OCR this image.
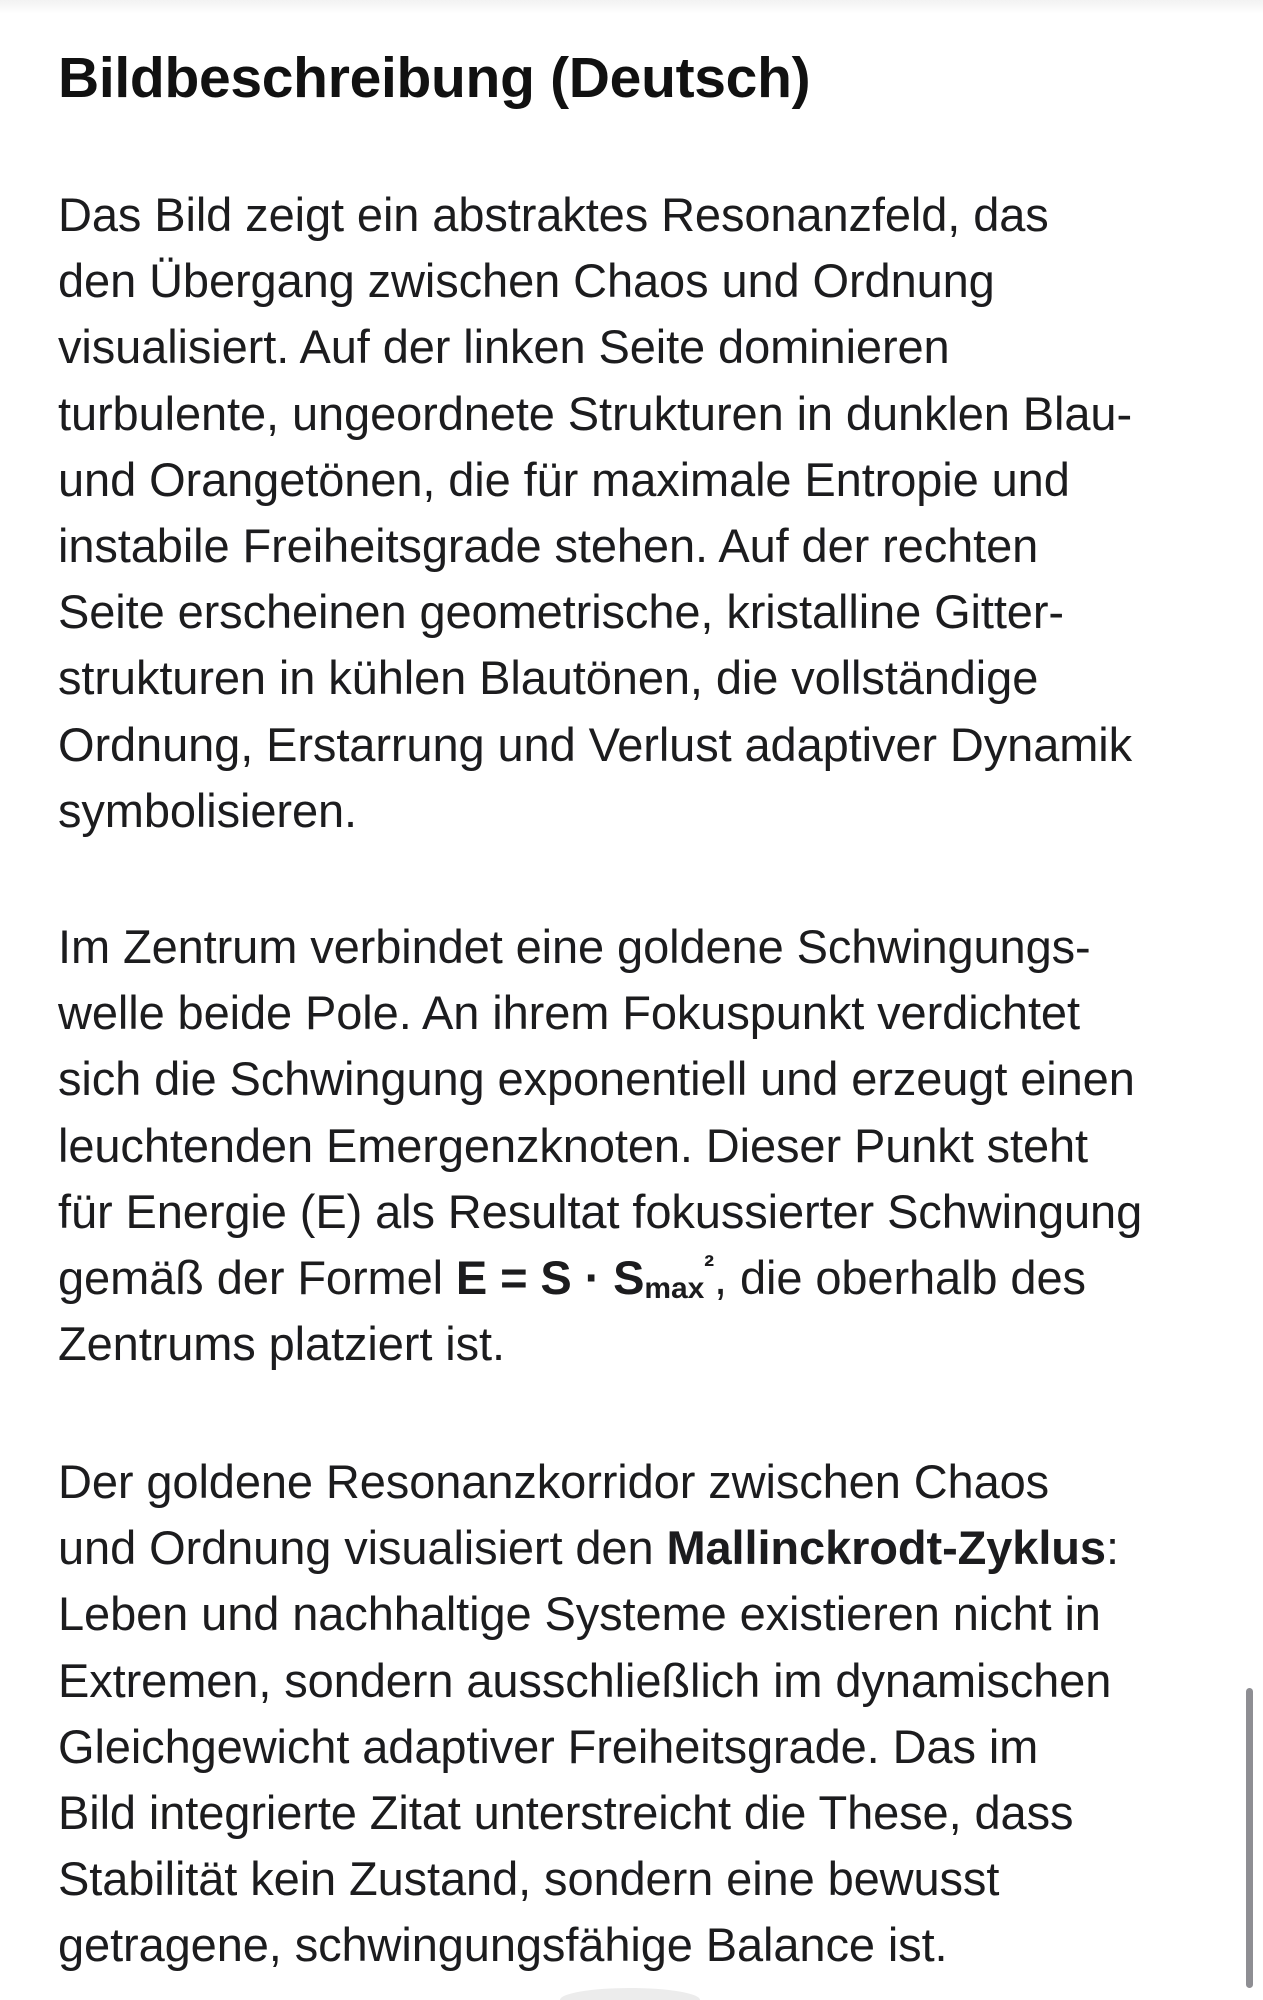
Bildbeschreibung (Deutsch)

Das Bild zeigt ein abstraktes Resonanzfeld, das
den Übergang zwischen Chaos und Ordnung
visualisiert. Auf der linken Seite dominieren
turbulente, ungeordnete Strukturen in dunklen Blau-
und Orangetönen, die für maximale Entropie und
instabile Freiheitsgrade stehen. Auf der rechten
Seite erscheinen geometrische, kristalline Gitter-
strukturen in kühlen Blautönen, die vollständige
Ordnung, Erstarrung und Verlust adaptiver Dynamik
symbolisieren.

Im Zentrum verbindet eine goldene Schwingungs-
welle beide Pole. An ihrem Fokuspunkt verdichtet
sich die Schwingung exponentiell und erzeugt einen
leuchtenden Emergenzknoten. Dieser Punkt steht
für Energie (E) als Resultat fokussierter Schwingung
gemäß der Formel $E = S \cdot S_{max}^{^2}$, die oberhalb des
Zentrums platziert ist.

Der goldene Resonanzkorridor zwischen Chaos
und Ordnung visualisiert den Mallinckrodt-Zyklus:
Leben und nachhaltige Systeme existieren nicht in
Extremen, sondern ausschließlich im dynamischen
Gleichgewicht adaptiver Freiheitsgrade. Das im
Bild integrierte Zitat unterstreicht die These, dass
Stabilität kein Zustand, sondern eine bewusst
getragene, schwingungsfähige Balance ist.
